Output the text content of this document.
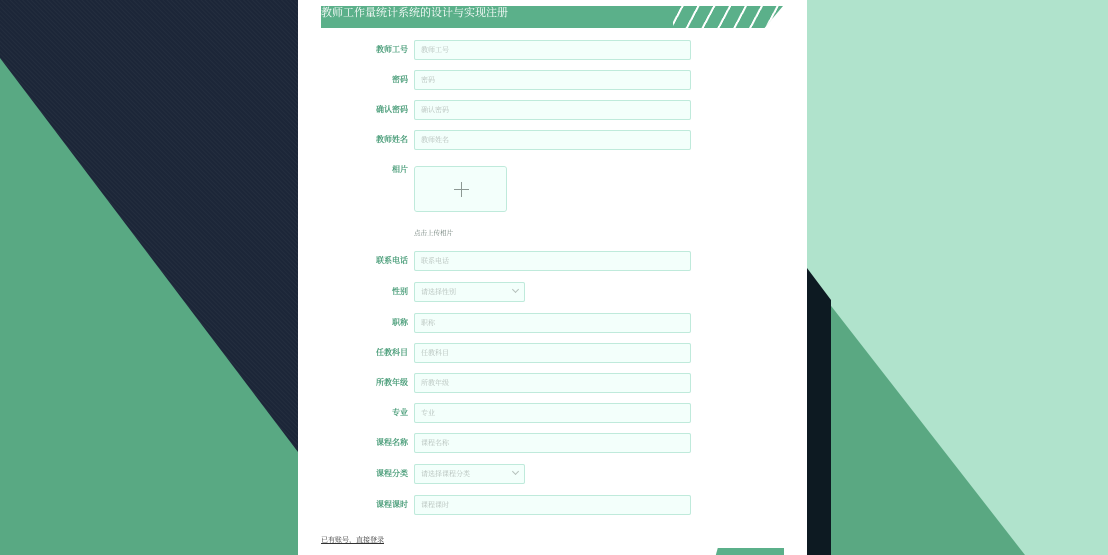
教师工作量统计系统的设计与实现注册
教师工号	教师工号
密码	密码
确认密码	确认密码
教师姓名	教师姓名
相片
点击上传相片
联系电话	联系电话
性别	请选择性别
职称	职称
任教科目	任教科目
所教年级	所教年级
专业	专业
课程名称	课程名称
课程分类	请选择课程分类
课程课时	课程课时
已有账号，直接登录
